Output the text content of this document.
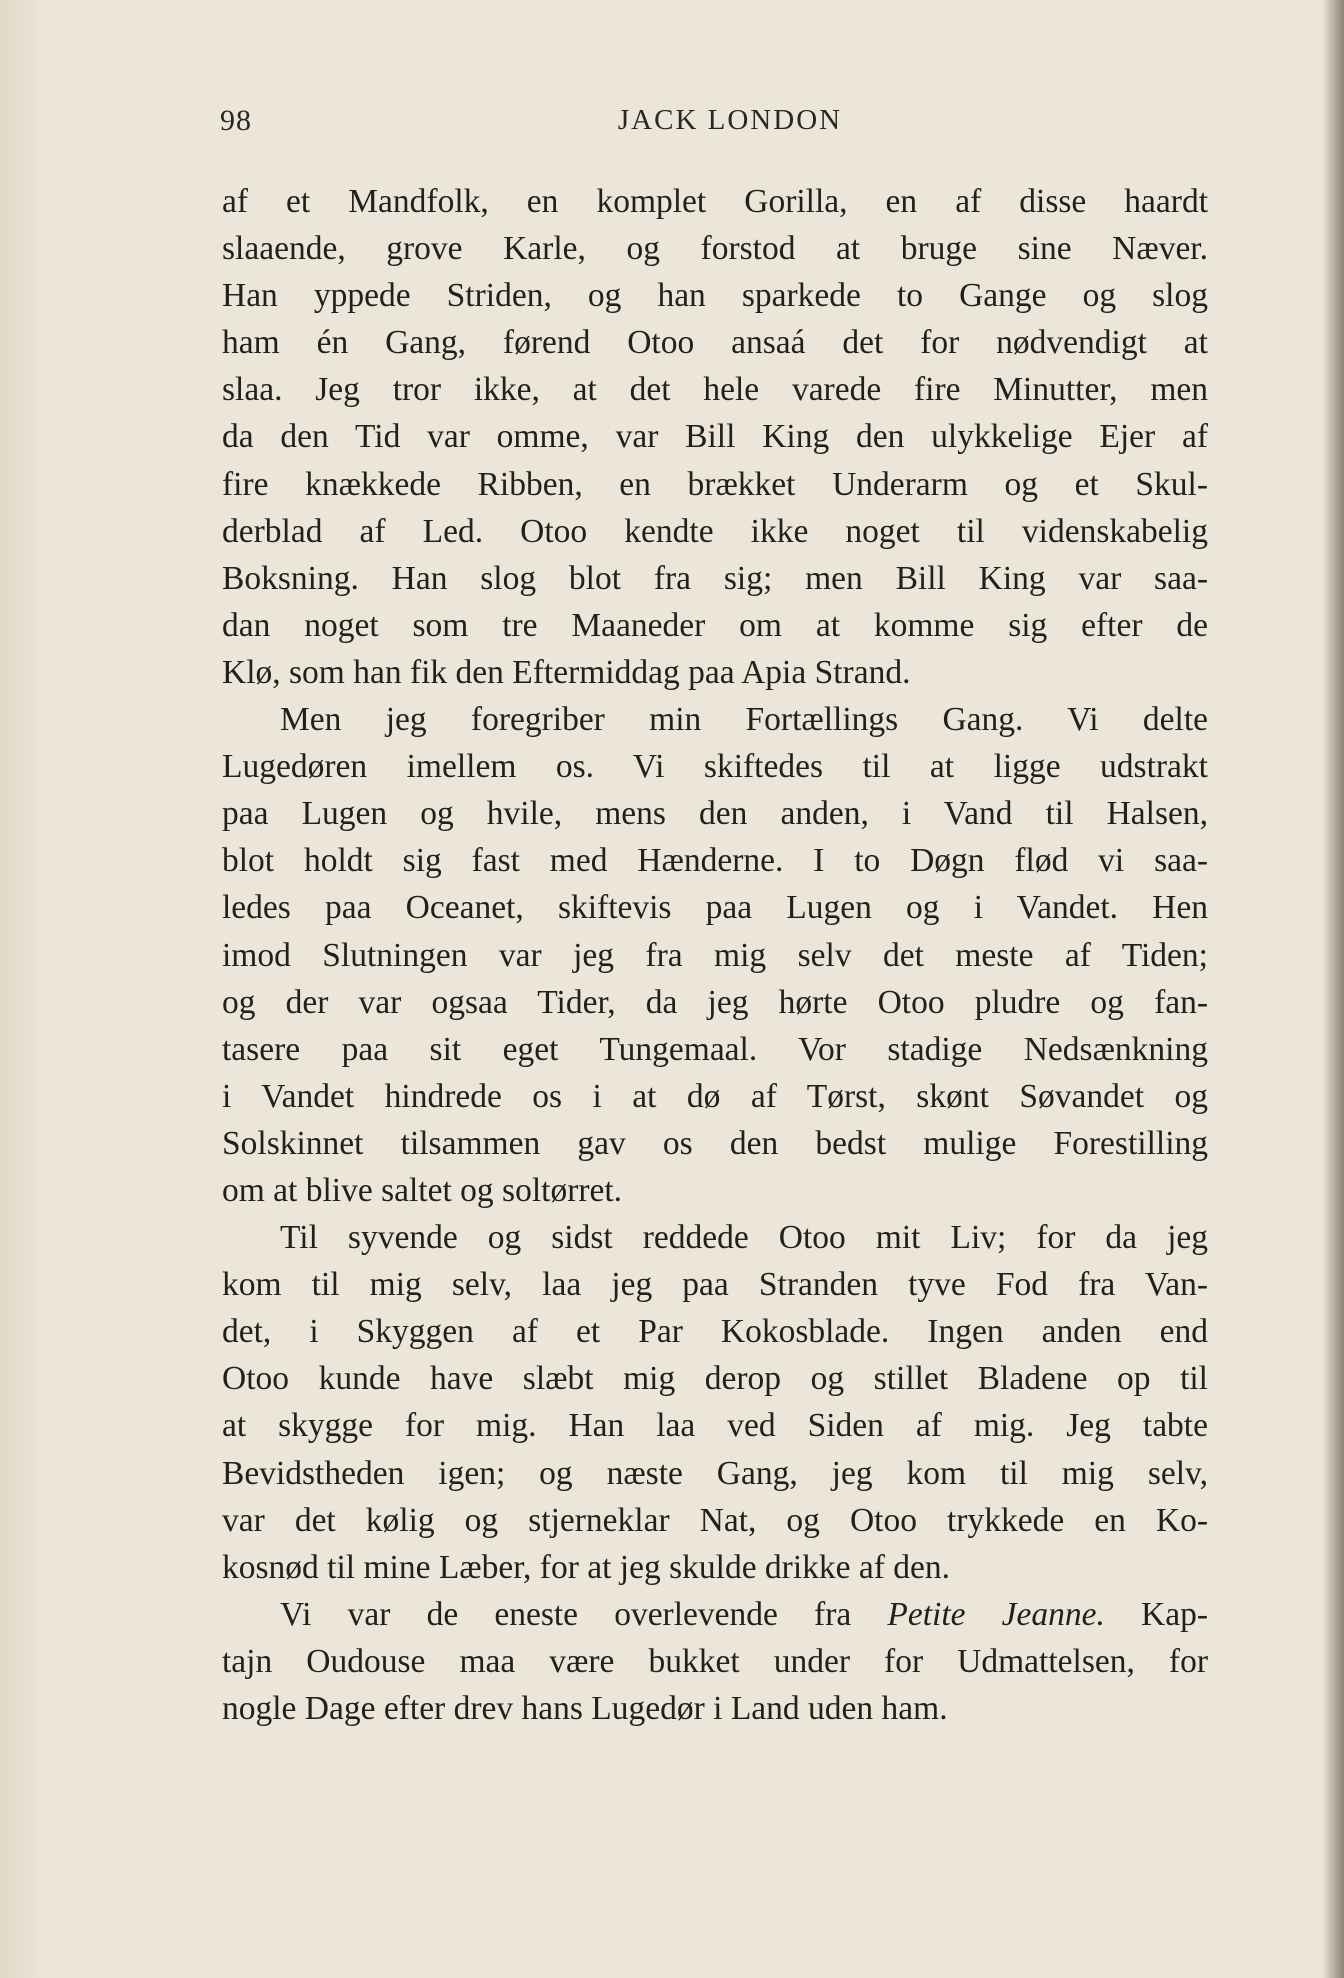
98	JACK LONDON
af et Mandfolk, en komplet Gorilla, en af disse haardt
slaaende, grove Karle, og forstod at bruge sine Næver.
Han yppede Striden, og han sparkede to Gange og slog
ham én Gang, førend Otoo ansaá det for nødvendigt at
slaa. Jeg tror ikke, at det hele varede fire Minutter, men
da den Tid var omme, var Bill King den ulykkelige Ejer af
fire knækkede Ribben, en brækket Underarm og et Skul-
derblad af Led. Otoo kendte ikke noget til videnskabelig
Boksning. Han slog blot fra sig; men Bill King var saa-
dan noget som tre Maaneder om at komme sig efter de
Klø, som han fik den Eftermiddag paa Apia Strand.
Men jeg foregriber min Fortællings Gang. Vi delte
Lugedøren imellem os. Vi skiftedes til at ligge udstrakt
paa Lugen og hvile, mens den anden, i Vand til Halsen,
blot holdt sig fast med Hænderne. I to Døgn flød vi saa-
ledes paa Oceanet, skiftevis paa Lugen og i Vandet. Hen
imod Slutningen var jeg fra mig selv det meste af Tiden;
og der var ogsaa Tider, da jeg hørte Otoo pludre og fan-
tasere paa sit eget Tungemaal. Vor stadige Nedsænkning
i Vandet hindrede os i at dø af Tørst, skønt Søvandet og
Solskinnet tilsammen gav os den bedst mulige Forestilling
om at blive saltet og soltørret.
Til syvende og sidst reddede Otoo mit Liv; for da jeg
kom til mig selv, laa jeg paa Stranden tyve Fod fra Van-
det, i Skyggen af et Par Kokosblade. Ingen anden end
Otoo kunde have slæbt mig derop og stillet Bladene op til
at skygge for mig. Han laa ved Siden af mig. Jeg tabte
Bevidstheden igen; og næste Gang, jeg kom til mig selv,
var det kølig og stjerneklar Nat, og Otoo trykkede en Ko-
kosnød til mine Læber, for at jeg skulde drikke af den.
Vi var de eneste overlevende fra Petite Jeanne. Kap-
tajn Oudouse maa være bukket under for Udmattelsen, for
nogle Dage efter drev hans Lugedør i Land uden ham.
